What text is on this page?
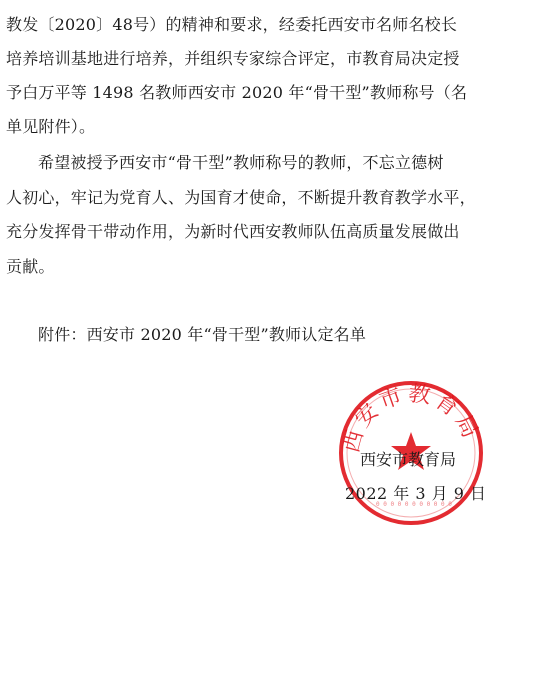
教发〔2020〕48号）的精神和要求，经委托西安市名师名校长
培养培训基地进行培养，并组织专家综合评定，市教育局决定授
予白万平等 1498 名教师西安市 2020 年“骨干型”教师称号（名
单见附件）。
希望被授予西安市“骨干型”教师称号的教师，不忘立德树
人初心，牢记为党育人、为国育才使命，不断提升教育教学水平，
充分发挥骨干带动作用，为新时代西安教师队伍高质量发展做出
贡献。
附件：西安市 2020 年“骨干型”教师认定名单
西安市教育局
0 0 0 0 0 0 0 0 0 0 0
西安市教育局
2022 年 3 月 9 日
